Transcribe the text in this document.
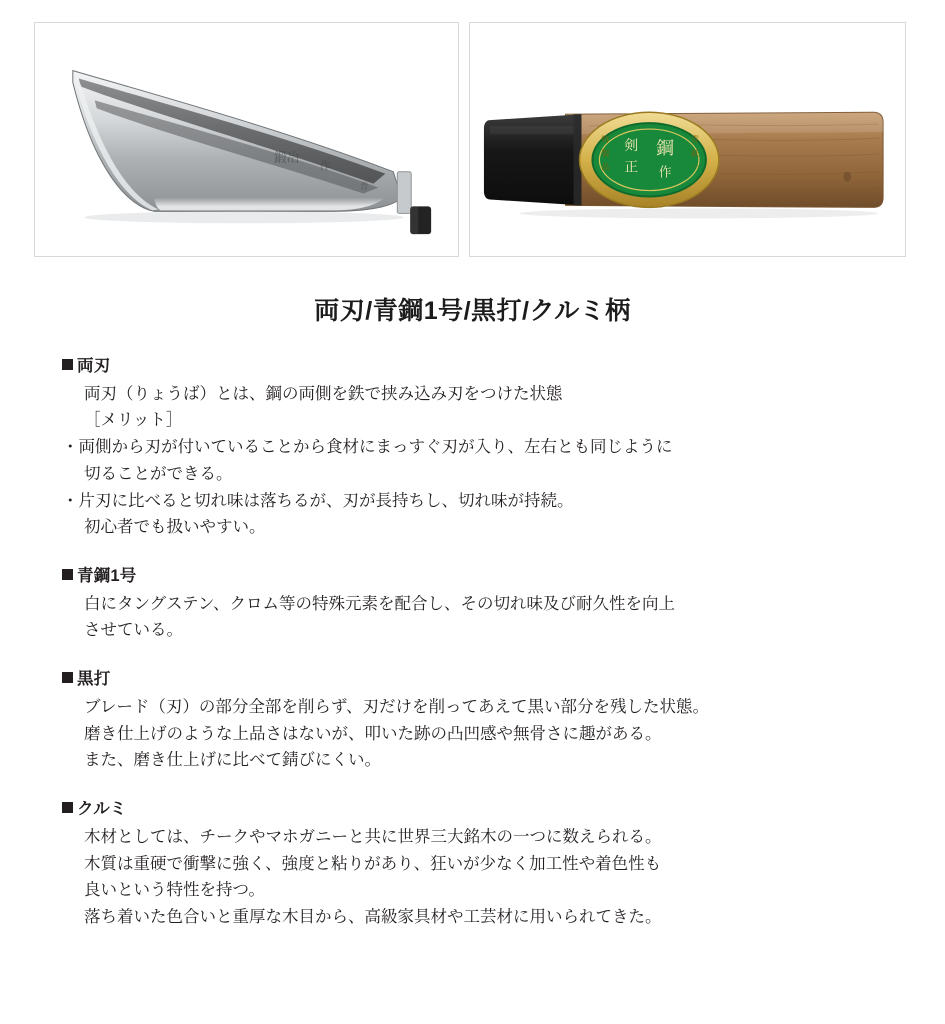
鍛冶
作
青
剣
正
鋼
作
特
製
品
青
紙
一
両刃/青鋼1号/黒打/クルミ柄
両刃
両刃（りょうば）とは、鋼の両側を鉄で挟み込み刃をつけた状態
［メリット］
・両側から刃が付いていることから食材にまっすぐ刃が入り、左右とも同じように
切ることができる。
・片刃に比べると切れ味は落ちるが、刃が長持ちし、切れ味が持続。
初心者でも扱いやすい。
青鋼1号
白にタングステン、クロム等の特殊元素を配合し、その切れ味及び耐久性を向上
させている。
黒打
ブレード（刃）の部分全部を削らず、刃だけを削ってあえて黒い部分を残した状態。
磨き仕上げのような上品さはないが、叩いた跡の凸凹感や無骨さに趣がある。
また、磨き仕上げに比べて錆びにくい。
クルミ
木材としては、チークやマホガニーと共に世界三大銘木の一つに数えられる。
木質は重硬で衝撃に強く、強度と粘りがあり、狂いが少なく加工性や着色性も
良いという特性を持つ。
落ち着いた色合いと重厚な木目から、高級家具材や工芸材に用いられてきた。
